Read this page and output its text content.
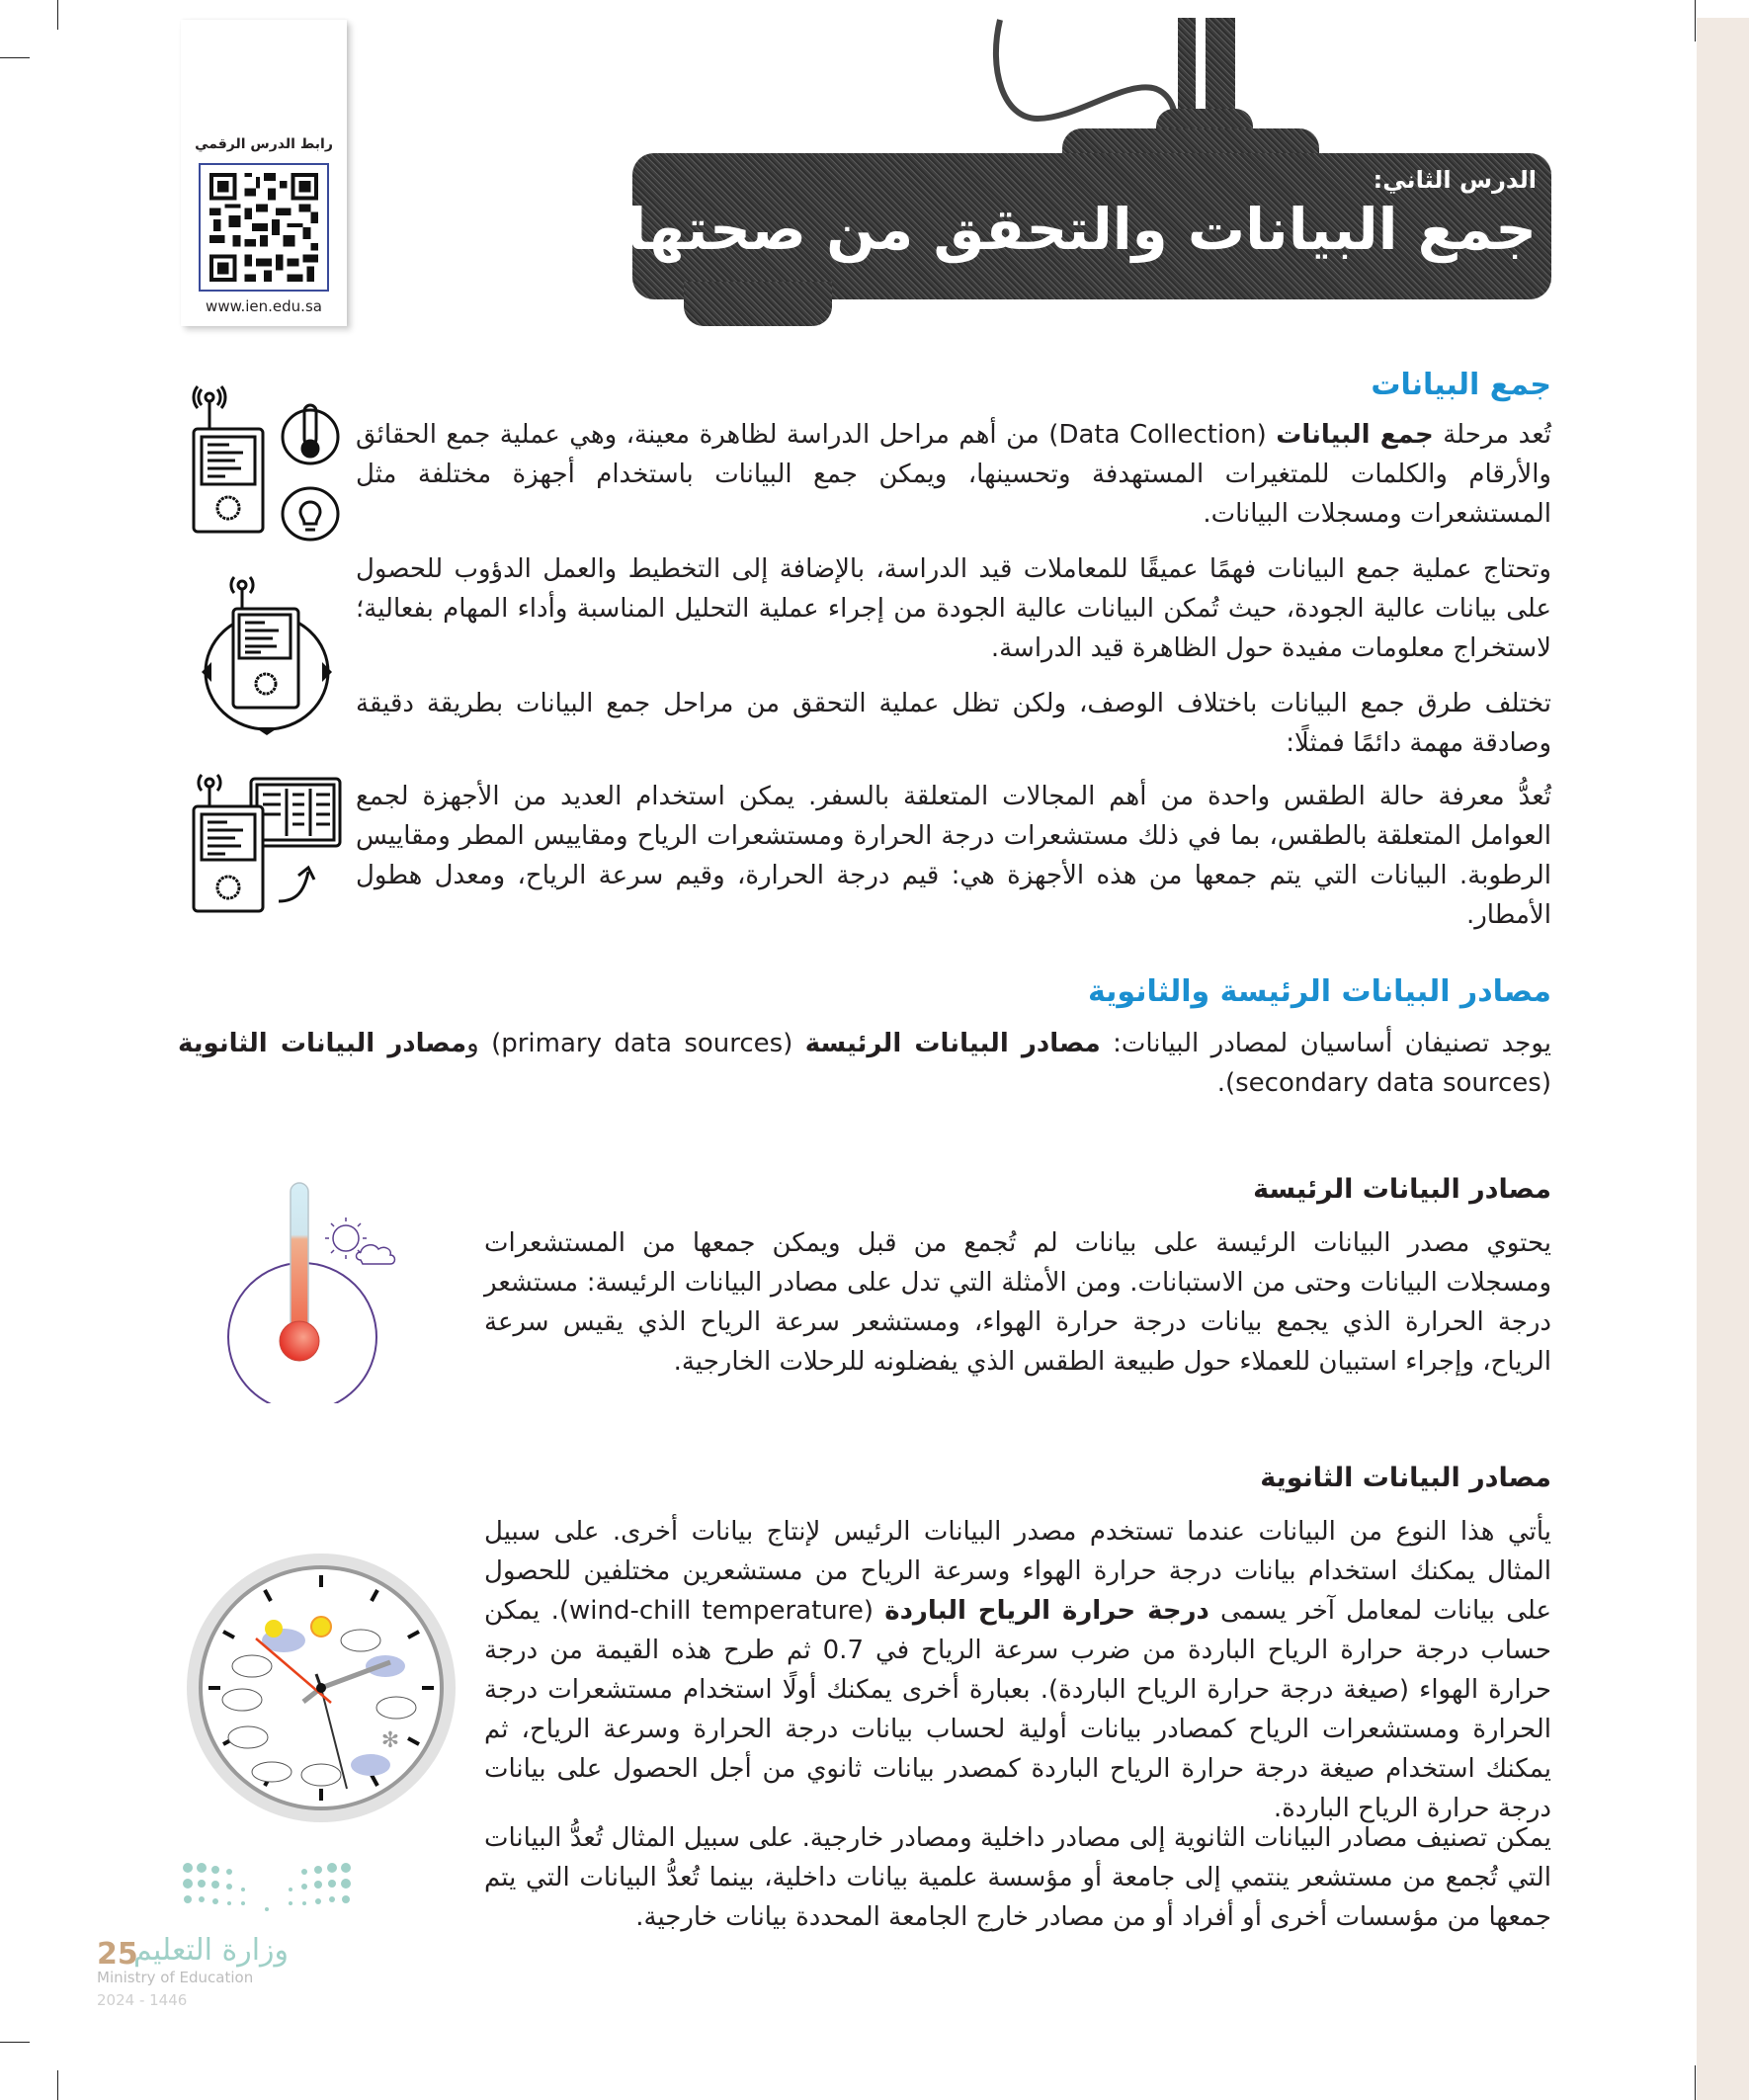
رابط الدرس الرقمي
www.ien.edu.sa
الدرس الثاني:
جمع البيانات والتحقق من صحتها
جمع البيانات
تُعد مرحلة جمع البيانات (Data Collection) من أهم مراحل الدراسة لظاهرة معينة، وهي عملية جمع الحقائق والأرقام والكلمات للمتغيرات المستهدفة وتحسينها، ويمكن جمع البيانات باستخدام أجهزة مختلفة مثل المستشعرات ومسجلات البيانات.
وتحتاج عملية جمع البيانات فهمًا عميقًا للمعاملات قيد الدراسة، بالإضافة إلى التخطيط والعمل الدؤوب للحصول على بيانات عالية الجودة، حيث تُمكن البيانات عالية الجودة من إجراء عملية التحليل المناسبة وأداء المهام بفعالية؛ لاستخراج معلومات مفيدة حول الظاهرة قيد الدراسة.
تختلف طرق جمع البيانات باختلاف الوصف، ولكن تظل عملية التحقق من مراحل جمع البيانات بطريقة دقيقة وصادقة مهمة دائمًا فمثلًا:
تُعدُّ معرفة حالة الطقس واحدة من أهم المجالات المتعلقة بالسفر. يمكن استخدام العديد من الأجهزة لجمع العوامل المتعلقة بالطقس، بما في ذلك مستشعرات درجة الحرارة ومستشعرات الرياح ومقاييس المطر ومقاييس الرطوبة. البيانات التي يتم جمعها من هذه الأجهزة هي: قيم درجة الحرارة، وقيم سرعة الرياح، ومعدل هطول الأمطار.
مصادر البيانات الرئيسة والثانوية
يوجد تصنيفان أساسيان لمصادر البيانات: مصادر البيانات الرئيسة (primary data sources) ومصادر البيانات الثانوية (secondary data sources).
مصادر البيانات الرئيسة
يحتوي مصدر البيانات الرئيسة على بيانات لم تُجمع من قبل ويمكن جمعها من المستشعرات ومسجلات البيانات وحتى من الاستبانات. ومن الأمثلة التي تدل على مصادر البيانات الرئيسة: مستشعر درجة الحرارة الذي يجمع بيانات درجة حرارة الهواء، ومستشعر سرعة الرياح الذي يقيس سرعة الرياح، وإجراء استبيان للعملاء حول طبيعة الطقس الذي يفضلونه للرحلات الخارجية.
مصادر البيانات الثانوية
يأتي هذا النوع من البيانات عندما تستخدم مصدر البيانات الرئيس لإنتاج بيانات أخرى. على سبيل المثال يمكنك استخدام بيانات درجة حرارة الهواء وسرعة الرياح من مستشعرين مختلفين للحصول على بيانات لمعامل آخر يسمى درجة حرارة الرياح الباردة (wind-chill temperature). يمكن حساب درجة حرارة الرياح الباردة من ضرب سرعة الرياح في 0.7 ثم طرح هذه القيمة من درجة حرارة الهواء (صيغة درجة حرارة الرياح الباردة). بعبارة أخرى يمكنك أولًا استخدام مستشعرات درجة الحرارة ومستشعرات الرياح كمصادر بيانات أولية لحساب بيانات درجة الحرارة وسرعة الرياح، ثم يمكنك استخدام صيغة درجة حرارة الرياح الباردة كمصدر بيانات ثانوي من أجل الحصول على بيانات درجة حرارة الرياح الباردة.
يمكن تصنيف مصادر البيانات الثانوية إلى مصادر داخلية ومصادر خارجية. على سبيل المثال تُعدُّ البيانات التي تُجمع من مستشعر ينتمي إلى جامعة أو مؤسسة علمية بيانات داخلية، بينما تُعدُّ البيانات التي يتم جمعها من مؤسسات أخرى أو أفراد أو من مصادر خارج الجامعة المحددة بيانات خارجية.
✻
وزارة التعليم
25
Ministry of Education
2024 - 1446
